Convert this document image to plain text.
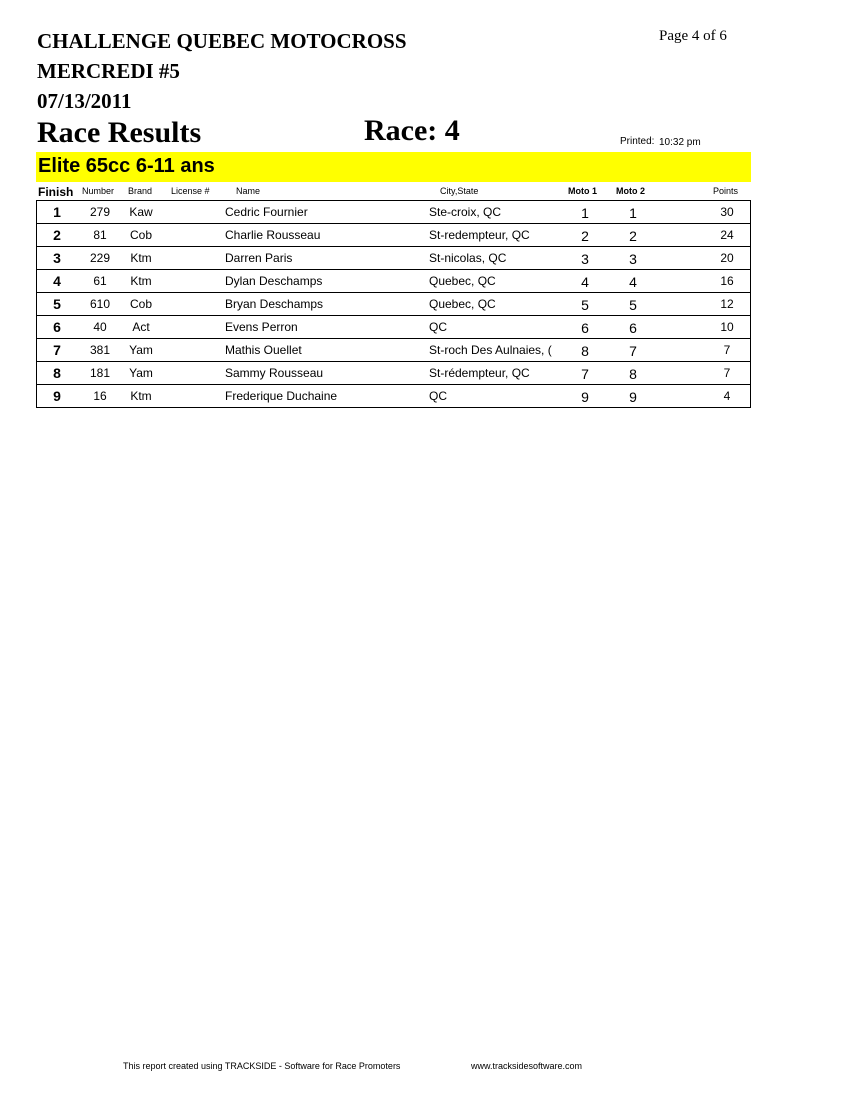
CHALLENGE QUEBEC MOTOCROSS
MERCREDI #5
07/13/2011
Page 4 of 6
Race Results	Race: 4	Printed: 10:32 pm
Elite 65cc 6-11 ans
Finish Number Brand License #	Name	City,State	Moto 1 Moto 2	Points
1	279	Kaw	Cedric Fournier	Ste-croix, QC	1	1	30
2	81	Cob	Charlie Rousseau	St-redempteur, QC	2	2	24
3	229	Ktm	Darren Paris	St-nicolas, QC	3	3	20
4	61	Ktm	Dylan Deschamps	Quebec, QC	4	4	16
5	610	Cob	Bryan Deschamps	Quebec, QC	5	5	12
6	40	Act	Evens Perron	QC	6	6	10
7	381	Yam	Mathis Ouellet	St-roch Des Aulnaies, (	8	7	7
8	181	Yam	Sammy Rousseau	St-rédempteur, QC	7	8	7
9	16	Ktm	Frederique Duchaine	QC	9	9	4
This report created using TRACKSIDE - Software for Race Promoters	www.tracksidesoftware.com
